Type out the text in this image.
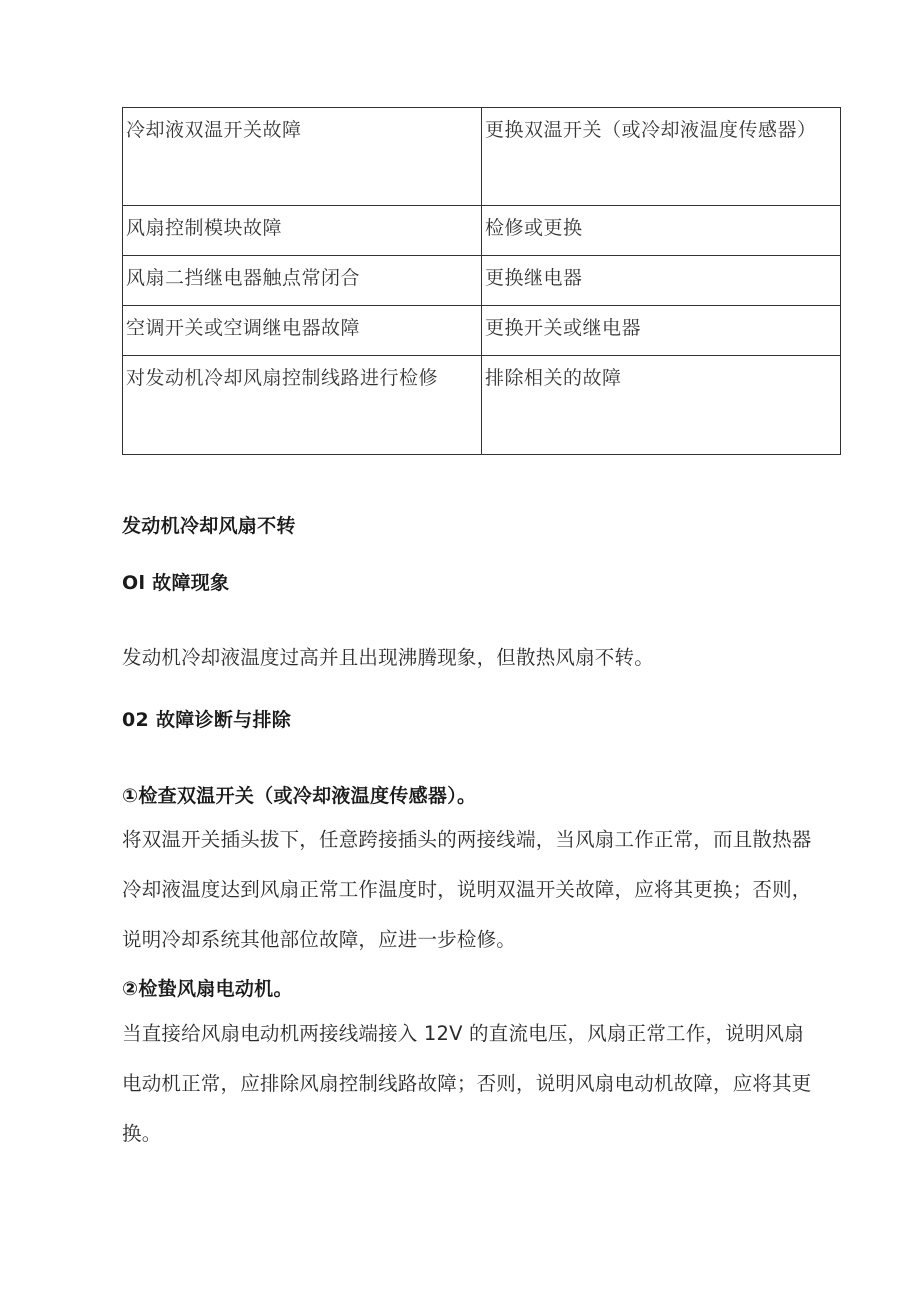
冷却液双温开关故障	更换双温开关（或冷却液温度传感器）

风扇控制模块故障	检修或更换

风扇二挡继电器触点常闭合	更换继电器

空调开关或空调继电器故障	更换开关或继电器

对发动机冷却风扇控制线路进行检修	排除相关的故障
发动机冷却风扇不转
Ol 故障现象

发动机冷却液温度过高并且出现沸腾现象，但散热风扇不转。

02 故障诊断与排除
①检查双温开关（或冷却液温度传感器）。

将双温开关插头拔下，任意跨接插头的两接线端，当风扇工作正常，而且散热器冷却液温度达到风扇正常工作温度时，说明双温开关故障，应将其更换；否则，说明冷却系统其他部位故障，应进一步检修。

②检蛰风扇电动机。

当直接给风扇电动机两接线端接入 12V 的直流电压，风扇正常工作，说明风扇电动机正常，应排除风扇控制线路故障；否则，说明风扇电动机故障，应将其更换。
